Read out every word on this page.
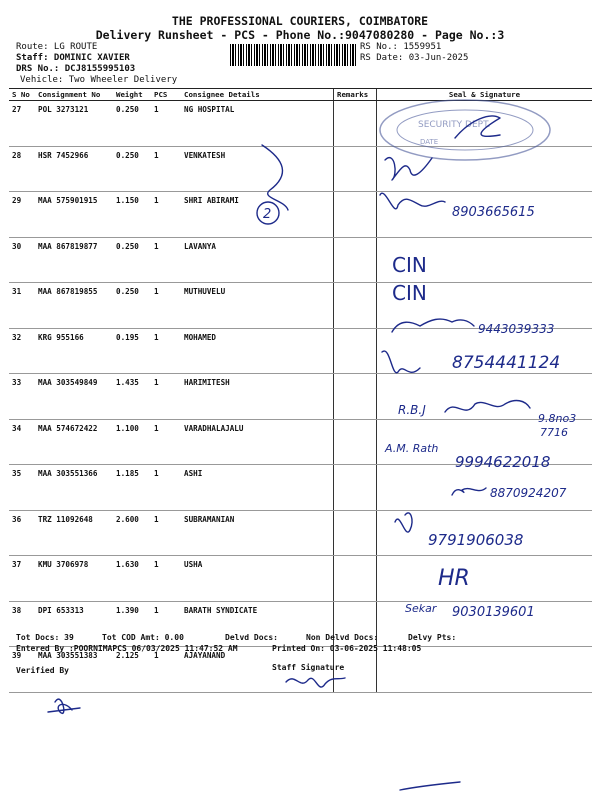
THE PROFESSIONAL COURIERS, COIMBATORE
Delivery Runsheet - PCS - Phone No.:9047080280 - Page No.:3
Route: LG ROUTE
Staff: DOMINIC XAVIER
DRS No.: DCJ8155995103
Vehicle: Two Wheeler Delivery
RS No.: 1559951
RS Date: 03-Jun-2025
S No	Consignment No	Weight	PCS	Consignee Details	Remarks	Seal & Signature
27	POL 3273121	0.250	1	NG HOSPITAL		
28	HSR 7452966	0.250	1	VENKATESH		
29	MAA 575901915	1.150	1	SHRI ABIRAMI		
30	MAA 867819877	0.250	1	LAVANYA		
31	MAA 867819855	0.250	1	MUTHUVELU		
32	KRG 955166	0.195	1	MOHAMED		
33	MAA 303549849	1.435	1	HARIMITESH		
34	MAA 574672422	1.100	1	VARADHALAJALU		
35	MAA 303551366	1.185	1	ASHI		
36	TRZ 11092648	2.600	1	SUBRAMANIAN		
37	KMU 3706978	1.630	1	USHA		
38	DPI 653313	1.390	1	BARATH SYNDICATE		
39	MAA 303551383	2.125	1	AJAYANAND		
SECURITY DEPT.
DATE
2	8903665615
CIN
CIN
9443039333
8754441124
R.B.J
9.8no3
7716
A.M. Rath
9994622018
8870924207
9791906038
HR
Sekar 9030139601
Tot Docs: 39	Tot COD Amt: 0.00	Delvd Docs:	Non Delvd Docs:	Delvy Pts:
Entered By :POORNIMAPCS 06/03/2025 11:47:52 AM	Printed On: 03-06-2025 11:48:05
Verified By	Staff Signature
